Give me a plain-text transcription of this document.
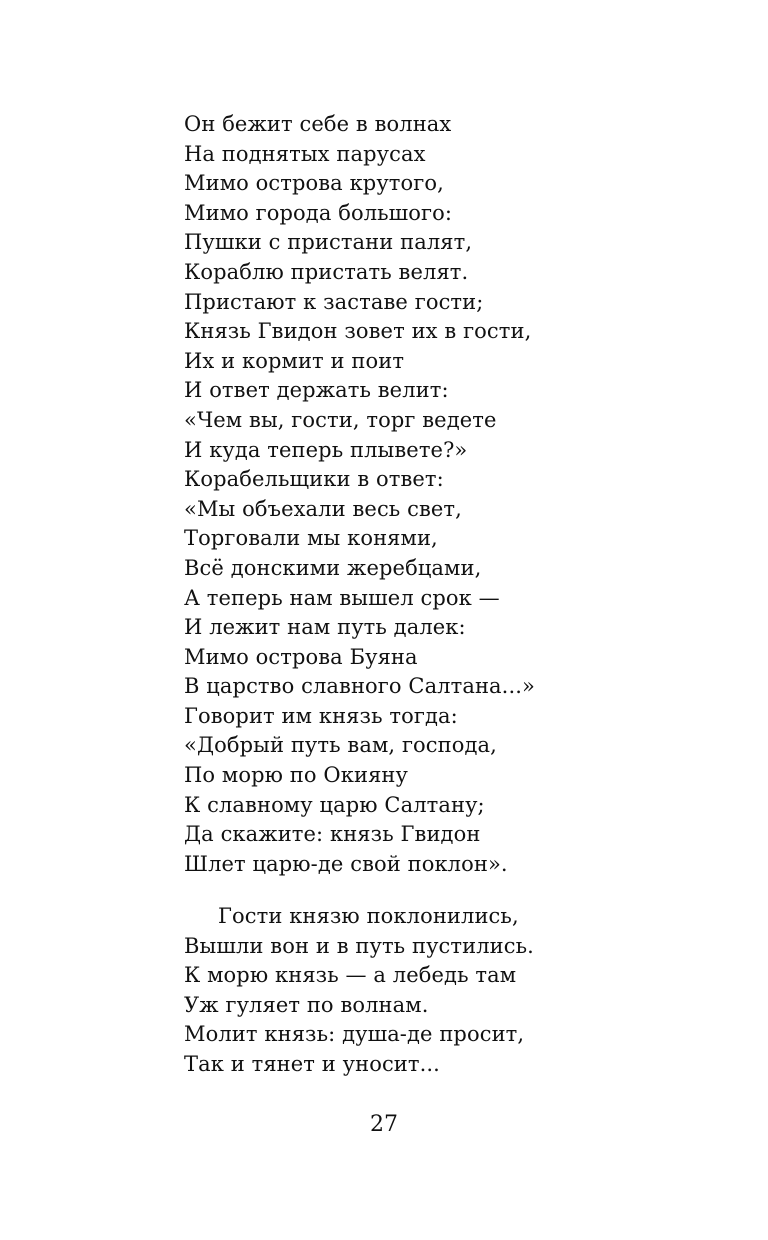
Он бежит себе в волнах
На поднятых парусах
Мимо острова крутого,
Мимо города большого:
Пушки с пристани палят,
Кораблю пристать велят.
Пристают к заставе гости;
Князь Гвидон зовет их в гости,
Их и кормит и поит
И ответ держать велит:
«Чем вы, гости, торг ведете
И куда теперь плывете?»
Корабельщики в ответ:
«Мы объехали весь свет,
Торговали мы конями,
Всё донскими жеребцами,
А теперь нам вышел срок —
И лежит нам путь далек:
Мимо острова Буяна
В царство славного Салтана...»
Говорит им князь тогда:
«Добрый путь вам, господа,
По морю по Окияну
К славному царю Салтану;
Да скажите: князь Гвидон
Шлет царю-де свой поклон».
Гости князю поклонились,
Вышли вон и в путь пустились.
К морю князь — а лебедь там
Уж гуляет по волнам.
Молит князь: душа-де просит,
Так и тянет и уносит...

27
